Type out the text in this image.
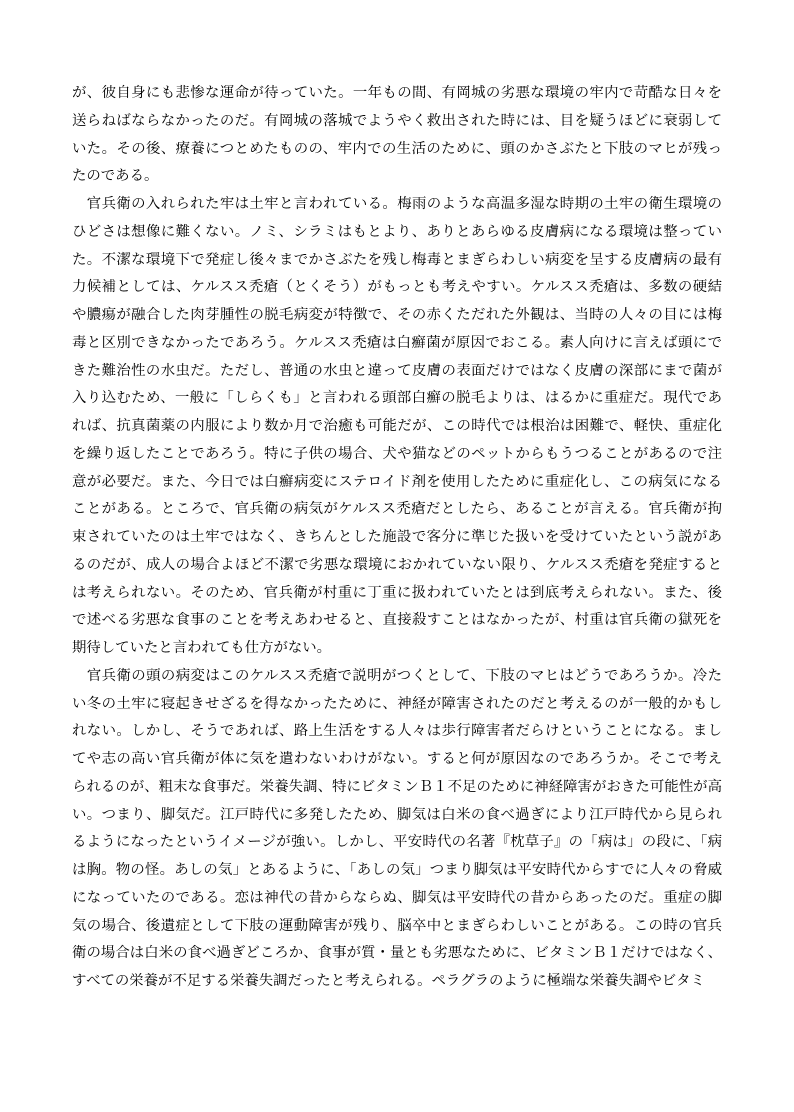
が、彼自身にも悲惨な運命が待っていた。一年もの間、有岡城の劣悪な環境の牢内で苛酷な日々を
送らねばならなかったのだ。有岡城の落城でようやく救出された時には、目を疑うほどに衰弱して
いた。その後、療養につとめたものの、牢内での生活のために、頭のかさぶたと下肢のマヒが残っ
たのである。
　官兵衛の入れられた牢は土牢と言われている。梅雨のような高温多湿な時期の土牢の衛生環境の
ひどさは想像に難くない。ノミ、シラミはもとより、ありとあらゆる皮膚病になる環境は整ってい
た。不潔な環境下で発症し後々までかさぶたを残し梅毒とまぎらわしい病変を呈する皮膚病の最有
力候補としては、ケルスス禿瘡（とくそう）がもっとも考えやすい。ケルスス禿瘡は、多数の硬結
や膿瘍が融合した肉芽腫性の脱毛病変が特徴で、その赤くただれた外観は、当時の人々の目には梅
毒と区別できなかったであろう。ケルスス禿瘡は白癬菌が原因でおこる。素人向けに言えば頭にで
きた難治性の水虫だ。ただし、普通の水虫と違って皮膚の表面だけではなく皮膚の深部にまで菌が
入り込むため、一般に「しらくも」と言われる頭部白癬の脱毛よりは、はるかに重症だ。現代であ
れば、抗真菌薬の内服により数か月で治癒も可能だが、この時代では根治は困難で、軽快、重症化
を繰り返したことであろう。特に子供の場合、犬や猫などのペットからもうつることがあるので注
意が必要だ。また、今日では白癬病変にステロイド剤を使用したために重症化し、この病気になる
ことがある。ところで、官兵衛の病気がケルスス禿瘡だとしたら、あることが言える。官兵衛が拘
束されていたのは土牢ではなく、きちんとした施設で客分に準じた扱いを受けていたという説があ
るのだが、成人の場合よほど不潔で劣悪な環境におかれていない限り、ケルスス禿瘡を発症すると
は考えられない。そのため、官兵衛が村重に丁重に扱われていたとは到底考えられない。また、後
で述べる劣悪な食事のことを考えあわせると、直接殺すことはなかったが、村重は官兵衛の獄死を
期待していたと言われても仕方がない。
　官兵衛の頭の病変はこのケルスス禿瘡で説明がつくとして、下肢のマヒはどうであろうか。冷た
い冬の土牢に寝起きせざるを得なかったために、神経が障害されたのだと考えるのが一般的かもし
れない。しかし、そうであれば、路上生活をする人々は歩行障害者だらけということになる。まし
てや志の高い官兵衛が体に気を遣わないわけがない。すると何が原因なのであろうか。そこで考え
られるのが、粗末な食事だ。栄養失調、特にビタミンＢ１不足のために神経障害がおきた可能性が高
い。つまり、脚気だ。江戸時代に多発したため、脚気は白米の食べ過ぎにより江戸時代から見られ
るようになったというイメージが強い。しかし、平安時代の名著『枕草子』の「病は」の段に、「病
は胸。物の怪。あしの気」とあるように、「あしの気」つまり脚気は平安時代からすでに人々の脅威
になっていたのである。恋は神代の昔からならぬ、脚気は平安時代の昔からあったのだ。重症の脚
気の場合、後遺症として下肢の運動障害が残り、脳卒中とまぎらわしいことがある。この時の官兵
衛の場合は白米の食べ過ぎどころか、食事が質・量とも劣悪なために、ビタミンＢ１だけではなく、
すべての栄養が不足する栄養失調だったと考えられる。ペラグラのように極端な栄養失調やビタミ
